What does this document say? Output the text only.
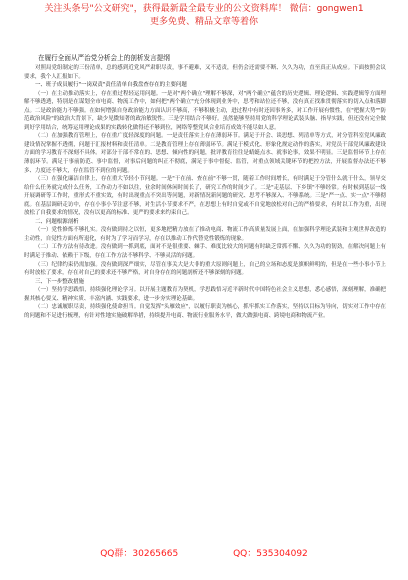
关注头条号"公文研究"，获得最新最全最专业的公文资料库！ 微信：gongwen1
更多免费、精品文章等着你
在履行全面从严治党分析会上的剖析发言提纲

对照局党组制定的三份清单，总的感到近党风严肃职尽责，事不避难，又不适责，但仍会还需要不断、久久为功，直至真正从成应。下面按照会议要求，我个人汇报如下。

一、班子成员履行"一岗双责"责任清单自我盘查存在的主要问题

（一）在主动推动落实上，存在重过程轻运用问题。一是对"两个确立"理解不够深，对"两个确立"蕴含的历史逻辑、理论逻辑、实践逻辑等方面理解不够透透，特别是在谋划全市电商、物流工作中，如何把"两个确立"充分体现到业务中，思考和站位还不够，没有真正找准贯彻落实的切入点和落脚点。二是政治能力不够强。在如何增强自身政治能力方面认识不够高，不够积极主动，进过程中有时还因事务多，对工作开展有惯性，在"把握大势""防范政治风险"的政治大背景下，缺少见微知著的政治敏锐性。三是学用结合不够好。虽然能够坚持用党的科学理论武装头脑、指导实践，但还没有完全做到好学用结合，统筹运用理论成果的实践转化做得还不够到位，网络等整党风合业培育成效不能尽如人意。

（二）在加强教育管理上，存在重广度轻深度的问题。一是责任落实上存在薄弱环节。满足于开会、谈思想、列清单等方式，对分管科室党风廉政建设情况掌握不透彻，问题于汇报材料和责任清单。二是教育管理上存在薄弱环节。满足于模式化、形象化规定动作的落实，对党员干部党风廉政建设方面的学习教育不深刻不具体。对部分干部不常在的、思想、倾向性的问题，批评教育往往是蜻蜓点水、就事论事，效果不明显。三是监督环节上存在薄弱环节。满足于事前防范、事中监督，对事后问题的纠正不彻底，满足于事中督促、监管，对重点领域关键环节的把控方法，开展监督办法还不够多、力度还不够大，存在监管不到位的问题。

（三）在强化廉洁自律上，存在重大节轻小节问题。一是"干在前、查在前"不够一贯，随着工作时间增长，有时满足于分管什么就干什么，领导交给什么任务就完成什么任务，工作动力不如以往，业余时间休闲时间长了，研究工作的时间少了。二是"走基层、下乡镇"不够经常。有时候到基层一线开展调研等工作时，重形式不重实效，有时出现重点不突出等问题，对新情况新问题的研究、思考不够深入、不够系统。三是"严一点、实一点"不够彻底。在基层调研走访中，存在小事小节注意不够，对生活小节要求不严，在思想上有时自觉或不自觉地放松对自己的严格要求，有时以工作为重，出现放松了自我要求的情况，没有以更高的标准、更严的要求来约束自己。

二、问题根源剖析

（一）党性修炼不够扎实。没有做到持之以恒，更多地把精力放在了推动电商、物流工作高质量发展上面，在加强科学理论武装和主观世界改造的主动性，自觉性方面有所退化，有时为了学习而学习，存在以推动工作代替党性锻炼的现象。

（二）工作方法有待改进。没有做到一抓到底，面对不是很重要、棘手、难度比较大的问题有时缺乏常抓不懈、久久为功的韧劲，在解决问题上有时满足于推动、依赖于下级，存在工作方法不够科学、不够灵活的问题。

（三）纪律约束仍需加强。没有做到深严细实，尽管在事关大是大非的重大原则问题上，自己的立场和态度是旗帜鲜明的，但是在一些小事小节上有时放松了要求，存在对自己的要求还不够严格，对自身存在的问题剖析还不够深刻的问题。

三、下一步整改措施

（一）坚持学思践悟，持续强化理论学习。以开展主题教育为契机，学思践悟习近平新时代中国特色社会主义思想，悉心感悟，深刻理解，准确把握其核心要义、精神实质、丰富内涵、实践要求，进一步夯实理论基础。

（二）忠诚履职尽责，持续强化使命担当。自觉发挥"头雁效应"，以履行职责为核心，抓牢抓实工作落实，坚持以目标为导向，切实对工作中存在的问题和不足进行梳理，有针对性地实施破解举措，持续提升电商、物流行业服务水平，做大做强电商、跨境电商和物流产业。

QQ群：30265665	QQ：535304092
